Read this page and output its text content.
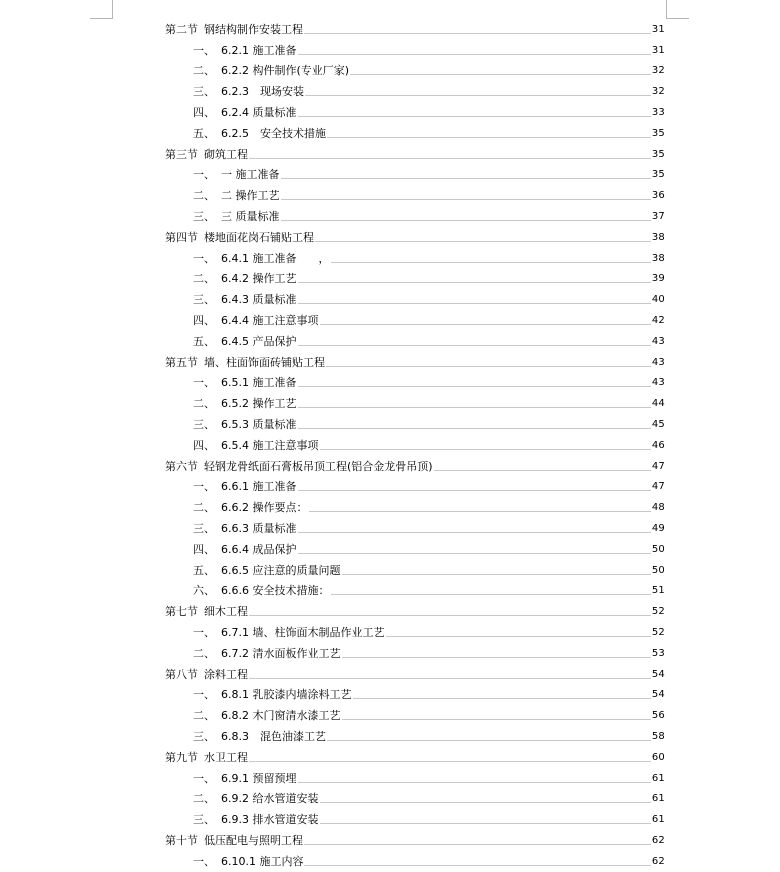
第二节 钢结构制作安装工程	31
一、 6.2.1 施工准备	31
二、 6.2.2 构件制作(专业厂家)	32
三、 6.2.3　现场安装	32
四、 6.2.4 质量标准	33
五、 6.2.5　安全技术措施	35
第三节 砌筑工程	35
一、 一 施工准备	35
二、 二 操作工艺	36
三、 三 质量标准	37
第四节 楼地面花岗石铺贴工程	38
一、 6.4.1 施工准备　　，	38
二、 6.4.2 操作工艺	39
三、 6.4.3 质量标准	40
四、 6.4.4 施工注意事项	42
五、 6.4.5 产品保护	43
第五节 墙、柱面饰面砖铺贴工程	43
一、 6.5.1 施工准备	43
二、 6.5.2 操作工艺	44
三、 6.5.3 质量标准	45
四、 6.5.4 施工注意事项	46
第六节 轻钢龙骨纸面石膏板吊顶工程(铝合金龙骨吊顶)	47
一、 6.6.1 施工准备	47
二、 6.6.2 操作要点：	48
三、 6.6.3 质量标准	49
四、 6.6.4 成品保护	50
五、 6.6.5 应注意的质量问题	50
六、 6.6.6 安全技术措施：	51
第七节 细木工程	52
一、 6.7.1 墙、柱饰面木制品作业工艺	52
二、 6.7.2 清水面板作业工艺	53
第八节 涂料工程	54
一、 6.8.1 乳胶漆内墙涂料工艺	54
二、 6.8.2 木门窗清水漆工艺	56
三、 6.8.3　混色油漆工艺	58
第九节 水卫工程	60
一、 6.9.1 预留预埋	61
二、 6.9.2 给水管道安装	61
三、 6.9.3 排水管道安装	61
第十节 低压配电与照明工程	62
一、 6.10.1 施工内容	62
